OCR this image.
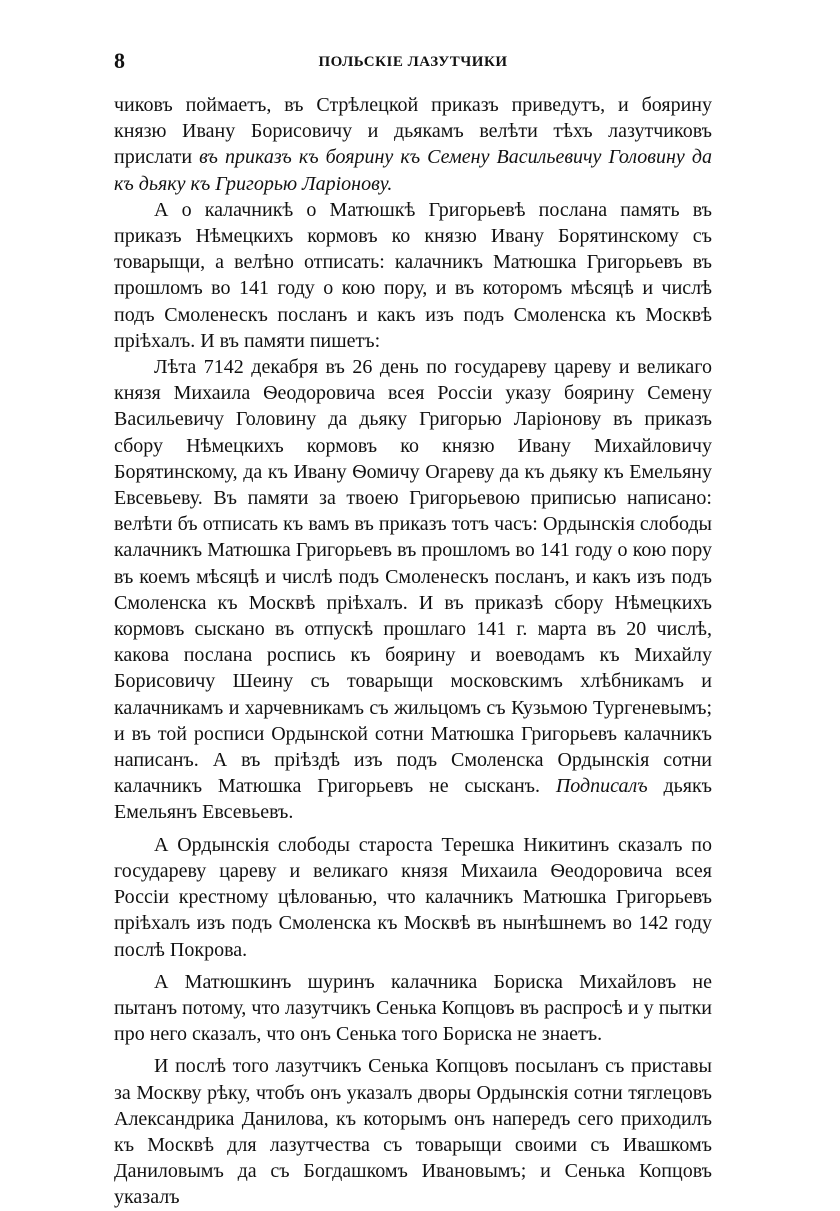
8	ПОЛЬСКІЕ ЛАЗУТЧИКИ

чиковъ поймаетъ, въ Стрѣлецкой приказъ приведутъ, и боярину князю Ивану Борисовичу и дьякамъ велѣти тѣхъ лазутчиковъ прислати въ приказъ къ боярину къ Семену Васильевичу Головину да къ дьяку къ Григорью Ларіонову.

А о калачникѣ о Матюшкѣ Григорьевѣ послана память въ приказъ Нѣмецкихъ кормовъ ко князю Ивану Борятинскому съ товарыщи, а велѣно отписать: калачникъ Матюшка Григорьевъ въ прошломъ во 141 году о кою пору, и въ которомъ мѣсяцѣ и числѣ подъ Смоленескъ посланъ и какъ изъ подъ Смоленска къ Москвѣ пріѣхалъ. И въ памяти пишетъ:

Лѣта 7142 декабря въ 26 день по государеву цареву и великаго князя Михаила Ѳеодоровича всея Россіи указу боярину Семену Васильевичу Головину да дьяку Григорью Ларіонову въ приказъ сбору Нѣмецкихъ кормовъ ко князю Ивану Михайловичу Борятинскому, да къ Ивану Ѳомичу Огареву да къ дьяку къ Емельяну Евсевьеву. Въ памяти за твоею Григорьевою приписью написано: велѣти бъ отписать къ вамъ въ приказъ тотъ часъ: Ордынскія слободы калачникъ Матюшка Григорьевъ въ прошломъ во 141 году о кою пору въ коемъ мѣсяцѣ и числѣ подъ Смоленескъ посланъ, и какъ изъ подъ Смоленска къ Москвѣ пріѣхалъ. И въ приказѣ сбору Нѣмецкихъ кормовъ сыскано въ отпускѣ прошлаго 141 г. марта въ 20 числѣ, какова послана роспись къ боярину и воеводамъ къ Михайлу Борисовичу Шеину съ товарыщи московскимъ хлѣбникамъ и калачникамъ и харчевникамъ съ жильцомъ съ Кузьмою Тургеневымъ; и въ той росписи Ордынской сотни Матюшка Григорьевъ калачникъ написанъ. А въ пріѣздѣ изъ подъ Смоленска Ордынскія сотни калачникъ Матюшка Григорьевъ не сысканъ. Подписалъ дьякъ Емельянъ Евсевьевъ.

А Ордынскія слободы староста Терешка Никитинъ сказалъ по государеву цареву и великаго князя Михаила Ѳеодоровича всея Россіи крестному цѣлованью, что калачникъ Матюшка Григорьевъ пріѣхалъ изъ подъ Смоленска къ Москвѣ въ нынѣшнемъ во 142 году послѣ Покрова.

А Матюшкинъ шуринъ калачника Бориска Михайловъ не пытанъ потому, что лазутчикъ Сенька Копцовъ въ распросѣ и у пытки про него сказалъ, что онъ Сенька того Бориска не знаетъ.

И послѣ того лазутчикъ Сенька Копцовъ посыланъ съ приставы за Москву рѣку, чтобъ онъ указалъ дворы Ордынскія сотни тяглецовъ Александрика Данилова, къ которымъ онъ напередъ сего приходилъ къ Москвѣ для лазутчества съ товарыщи своими съ Ивашкомъ Даниловымъ да съ Богдашкомъ Ивановымъ; и Сенька Копцовъ указалъ
